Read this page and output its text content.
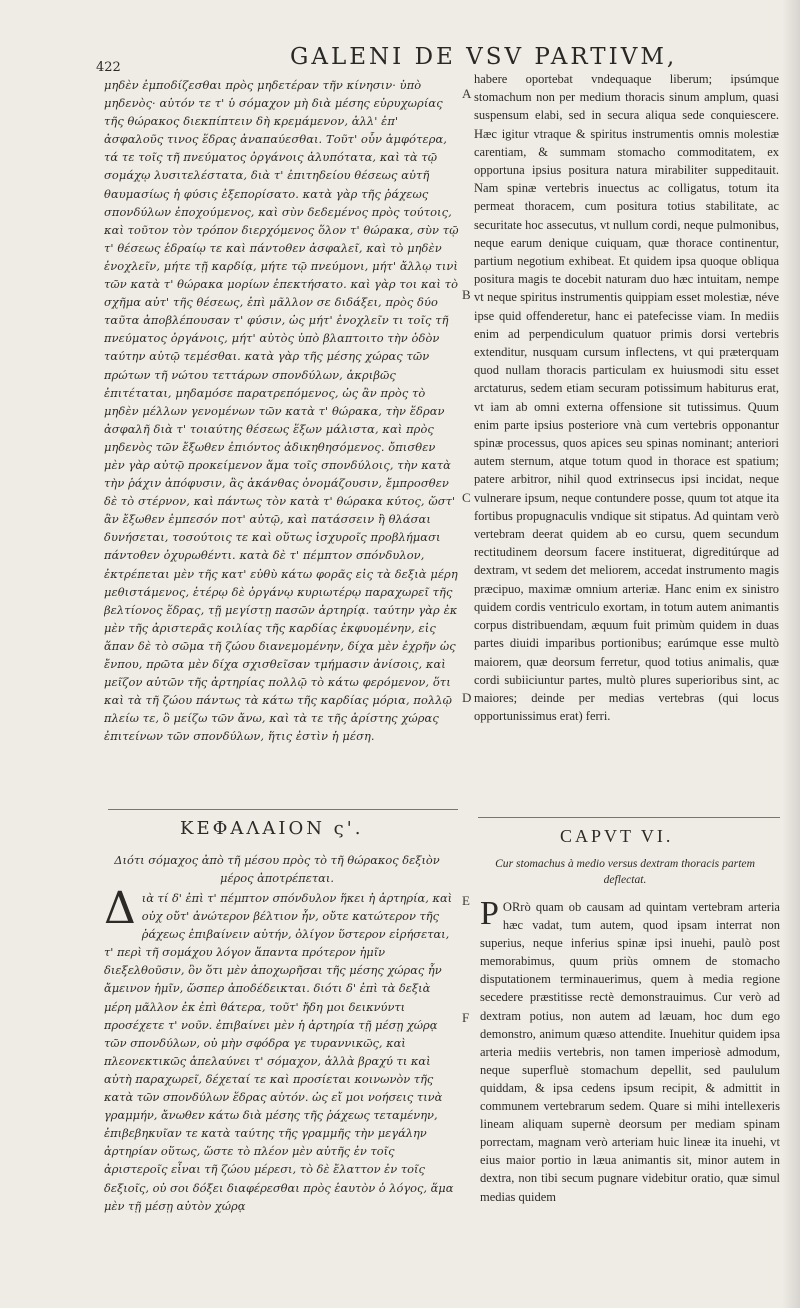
GALENI DE VSV PARTIVM,
422

μηδὲν ἐμποδίζεσθαι πρὸς μηδετέραν τῆν κίνησιν· ὑπὸ μηδενὸς· αὐτόν τε τ' ὑ σόμαχον μὴ διὰ μέσης εὐρυχωρίας τῆς θώρακος διεκπίπτειν δὴ κρεμάμενον, ἀλλ' ἐπ' ἀσφαλοῦς τινος ἕδρας ἀναπαύεσθαι. Τοῦτ' οὖν ἀμφότερα, τά τε τοῖς τῆ πνεύματος ὀργάνοις ἀλυπότατα, καὶ τὰ τῷ σομάχῳ λυσιτελέστατα, διὰ τ' ἐπιτηδείου θέσεως αὐτῆ θαυμασίως ἡ φύσις ἐξεπορίσατο. κατὰ γὰρ τῆς ῥάχεως σπονδύλων ἐποχούμενος, καὶ σὺν δεδεμένος πρὸς τούτοις, καὶ τοῦτον τὸν τρόπον διερχόμενος ὅλον τ' θώρακα, σὺν τῷ τ' θέσεως ἑδραίῳ τε καὶ πάντοθεν ἀσφαλεῖ, καὶ τὸ μηδὲν ἐνοχλεῖν, μήτε τῇ καρδίᾳ, μήτε τῷ πνεύμονι, μήτ' ἄλλῳ τινὶ τῶν κατὰ τ' θώρακα μορίων ἐπεκτήσατο. καὶ γὰρ τοι καὶ τὸ σχῆμα αὐτ' τῆς θέσεως, ἐπὶ μᾶλλον σε διδάξει, πρὸς δύο ταῦτα ἀποβλέπουσαν τ' φύσιν, ὡς μήτ' ἐνοχλεῖν τι τοῖς τῆ πνεύματος ὀργάνοις, μήτ' αὐτὸς ὑπὸ βλαπτοιτο τὴν ὁδὸν ταύτην αὐτῷ τεμέσθαι. κατὰ γὰρ τῆς μέσης χώρας τῶν πρώτων τῆ νώτου τεττάρων σπονδύλων, ἀκριβῶς ἐπιτέταται, μηδαμόσε παρατρεπόμενος, ὡς ἂν πρὸς τὸ μηδὲν μέλλων γενομένων τῶν κατὰ τ' θώρακα, τὴν ἕδραν ἀσφαλῆ διὰ τ' τοιαύτης θέσεως ἕξων μάλιστα, καὶ πρὸς μηδενὸς τῶν ἔξωθεν ἐπιόντος ἀδικηθησόμενος. ὄπισθεν μὲν γὰρ αὐτῷ προκείμενον ἅμα τοῖς σπονδύλοις, τὴν κατὰ τὴν ῥάχιν ἀπόφυσιν, ἃς ἀκάνθας ὀνομάζουσιν, ἔμπροσθεν δὲ τὸ στέρνον, καὶ πάντως τὸν κατὰ τ' θώρακα κύτος, ὥστ' ἂν ἔξωθεν ἐμπεσόν ποτ' αὐτῷ, καὶ πατάσσειν ἢ θλάσαι δυνήσεται, τοσούτοις τε καὶ οὕτως ἰσχυροῖς προβλήμασι πάντοθεν ὀχυρωθέντι. κατὰ δὲ τ' πέμπτον σπόνδυλον, ἐκτρέπεται μὲν τῆς κατ' εὐθὺ κάτω φορᾶς εἰς τὰ δεξιὰ μέρη μεθιστάμενος, ἑτέρῳ δὲ ὀργάνῳ κυριωτέρῳ παραχωρεῖ τῆς βελτίονος ἕδρας, τῇ μεγίστῃ πασῶν ἀρτηρίᾳ. ταύτην γὰρ ἐκ μὲν τῆς ἀριστερᾶς κοιλίας τῆς καρδίας ἐκφυομένην, εἰς ἅπαν δὲ τὸ σῶμα τῆ ζώου διανεμομένην, δίχα μὲν ἐχρῆν ὡς ἔνπου, πρῶτα μὲν δίχα σχισθεῖσαν τμήμασιν ἀνίσοις, καὶ μεῖζον αὐτῶν τῆς ἀρτηρίας πολλῷ τὸ κάτω φερόμενον, ὅτι καὶ τὰ τῆ ζώου πάντως τὰ κάτω τῆς καρδίας μόρια, πολλῷ πλείω τε, ὃ μείζω τῶν ἄνω, καὶ τὰ τε τῆς ἀρίστης χώρας ἐπιτείνων τῶν σπονδύλων, ἥτις ἐστὶν ἡ μέση.

habere oportebat vndequaque liberum; ipsúmque stomachum non per medium thoracis sinum amplum, quasi suspensum elabi, sed in secura aliqua sede conquiescere. Hæc igitur vtraque & spiritus instrumentis omnis molestiæ carentiam, & summam stomacho commoditatem, ex opportuna ipsius positura natura mirabiliter suppeditauit. Nam spinæ vertebris inuectus ac colligatus, totum ita permeat thoracem, cum positura totius stabilitate, ac securitate hoc assecutus, vt nullum cordi, neque pulmonibus, neque earum denique cuiquam, quæ thorace continentur, partium negotium exhibeat. Et quidem ipsa quoque obliqua positura magis te docebit naturam duo hæc intuitam, nempe vt neque spiritus instrumentis quippiam esset molestiæ, néve ipse quid offenderetur, hanc ei patefecisse viam. In mediis enim ad perpendiculum quatuor primis dorsi vertebris extenditur, nusquam cursum inflectens, vt qui præterquam quod nullam thoracis particulam ex huiusmodi situ esset arctaturus, sedem etiam securam potissimum habiturus erat, vt iam ab omni externa offensione sit tutissimus. Quum enim parte ipsius posteriore vnà cum vertebris opponantur spinæ processus, quos apices seu spinas nominant; anteriori autem sternum, atque totum quod in thorace est spatium; patere arbitror, nihil quod extrinsecus ipsi incidat, neque vulnerare ipsum, neque contundere posse, quum tot atque ita fortibus propugnaculis vndique sit stipatus. Ad quintam verò vertebram deerat quidem ab eo cursu, quem secundum rectitudinem deorsum facere instituerat, digreditúrque ad dextram, vt sedem det meliorem, accedat instrumento magis præcipuo, maximæ omnium arteriæ. Hanc enim ex sinistro quidem cordis ventriculo exortam, in totum autem animantis corpus distribuendam, æquum fuit primùm quidem in duas partes diuidi imparibus portionibus; earúmque esse multò maiorem, quæ deorsum ferretur, quod totius animalis, quæ cordi subiiciuntur partes, multò plures superioribus sint, ac maiores; deinde per medias vertebras (qui locus opportunissimus erat) ferri.

A
B
C
D
E
F
ΚΕΦΑΛΑΙΟΝ ς'.
Διότι σόμαχος ἀπὸ τῆ μέσου πρὸς τὸ τῆ θώρακος δεξιὸν μέρος ἀποτρέπεται.
CAPVT VI.
Cur stomachus à medio versus dextram thoracis partem deflectat.
Δ ιὰ τί δ' ἐπὶ τ' πέμπτον σπόνδυλον ἥκει ἡ ἀρτηρία, καὶ οὐχ οὔτ' ἀνώτερον βέλτιον ἦν, οὔτε κατώτερον τῆς ῥάχεως ἐπιβαίνειν αὐτήν, ὀλίγον ὕστερον εἰρήσεται, τ' περὶ τῆ σομάχου λόγον ἅπαντα πρότερον ἡμῖν διεξελθοῦσιν, ὃν ὅτι μὲν ἀποχωρῆσαι τῆς μέσης χώρας ἦν ἄμεινον ἡμῖν, ὥσπερ ἀποδέδεικται. διότι δ' ἐπὶ τὰ δεξιὰ μέρη μᾶλλον ἐκ ἐπὶ θάτερα, τοῦτ' ἤδη μοι δεικνύντι προσέχετε τ' νοῦν. ἐπιβαίνει μὲν ἡ ἀρτηρία τῇ μέσῃ χώρᾳ τῶν σπονδύλων, οὐ μὴν σφόδρα γε τυραννικῶς, καὶ πλεονεκτικῶς ἀπελαύνει τ' σόμαχον, ἀλλὰ βραχύ τι καὶ αὐτὴ παραχωρεῖ, δέχεταί τε καὶ προσίεται κοινωνὸν τῆς κατὰ τῶν σπονδύλων ἕδρας αὐτόν. ὡς εἴ μοι νοήσεις τινὰ γραμμήν, ἄνωθεν κάτω διὰ μέσης τῆς ῥάχεως τεταμένην, ἐπιβεβηκυῖαν τε κατὰ ταύτης τῆς γραμμῆς τὴν μεγάλην ἀρτηρίαν οὕτως, ὥστε τὸ πλέον μὲν αὐτῆς ἐν τοῖς ἀριστεροῖς εἶναι τῆ ζώου μέρεσι, τὸ δὲ ἔλαττον ἐν τοῖς δεξιοῖς, οὐ σοι δόξει διαφέρεσθαι πρὸς ἑαυτὸν ὁ λόγος, ἅμα μὲν τῇ μέσῃ αὐτὸν χώρᾳ

P ORrò quam ob causam ad quintam vertebram arteria hæc vadat, tum autem, quod ipsam interrat non superius, neque inferius spinæ ipsi inuehi, paulò post memorabimus, quum priùs omnem de stomacho disputationem terminauerimus, quem à media regione secedere præstitisse rectè demonstrauimus. Cur verò ad dextram potius, non autem ad læuam, hoc dum ego demonstro, animum quæso attendite. Inuehitur quidem ipsa arteria mediis vertebris, non tamen imperiosè admodum, neque superfluè stomachum depellit, sed paululum quiddam, & ipsa cedens ipsum recipit, & admittit in communem vertebrarum sedem. Quare si mihi intellexeris lineam aliquam supernè deorsum per mediam spinam porrectam, magnam verò arteriam huic lineæ ita inuehi, vt eius maior portio in læua animantis sit, minor autem in dextra, non tibi secum pugnare videbitur oratio, quæ simul medias quidem
